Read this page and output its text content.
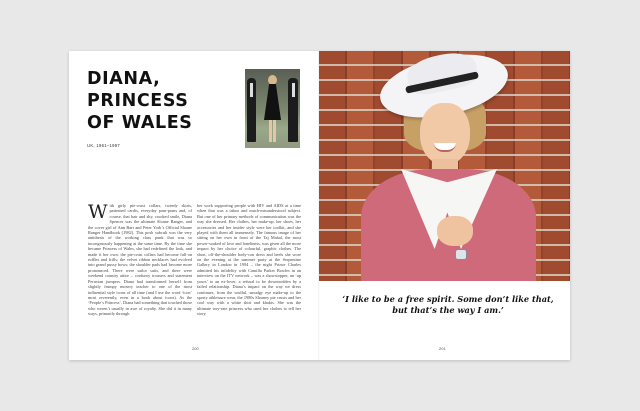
DIANA,
PRINCESS
OF WALES
UK, 1961–1997

With girly pie-crust collars, tweedy skirts, patterned cardis, everyday pom-poms and, of course, that hair and shy, crooked smile, Diana Spencer was the ultimate Sloane Ranger, and the cover girl of Ann Barr and Peter York’s Official Sloane Ranger Handbook (1982). This posh subcult was the very antithesis of the working class punk that was so incongruously happening at the same time. By the time she became Princess of Wales, she had redefined the look, and made it her own: the pie-crust collars had become full-on ruffles and frills; the velvet ribbon necklaces had evolved into grand pussy bows; the shoulder pads had become more pronounced. There were sailor suits, and there were weekend country attire – corduroy trousers and statement Peruvian jumpers. Diana had transformed herself from slightly frumpy nursery teacher to one of the most influential style icons of all time (and I use the word ‘icon’ most reverently, even in a book about icons). As the ‘People’s Princess’, Diana had something that touched those who weren’t usually in awe of royalty. She did it in many ways, primarily through

her work supporting people with HIV and AIDS at a time when that was a taboo and much-misunderstood subject. But one of her primary methods of communication was the way she dressed. Her clothes, her make-up, her shoes, her accessories and her insider style were her toolkit, and she played with them all immensely. The famous image of her sitting on her own in front of the Taj Mahal, the most power-soaked of love and loneliness, was given all the more impact by her choice of colourful, graphic clothes. The short, off-the-shoulder body-con dress and heels she wore on the evening at the summer party at the Serpentine Gallery in London in 1994 – the night Prince Charles admitted his infidelity with Camilla Parker Bowles in an interview on the ITV network – was a showstopper, an ‘up yours’ to an ex-lover, a refusal to be downtrodden by a failed relationship. Diana’s impact on the way we dress continues, from the soulful, smudgy eye make-up to the sporty athleisure wear, the 1980s Sloaney pie crusts and her cool way with a white shirt and khakis. She was the ultimate tory-rate princess who used her clothes to tell her story.

200

‘I like to be a free spirit. Some don’t like that, but that’s the way I am.’

201
